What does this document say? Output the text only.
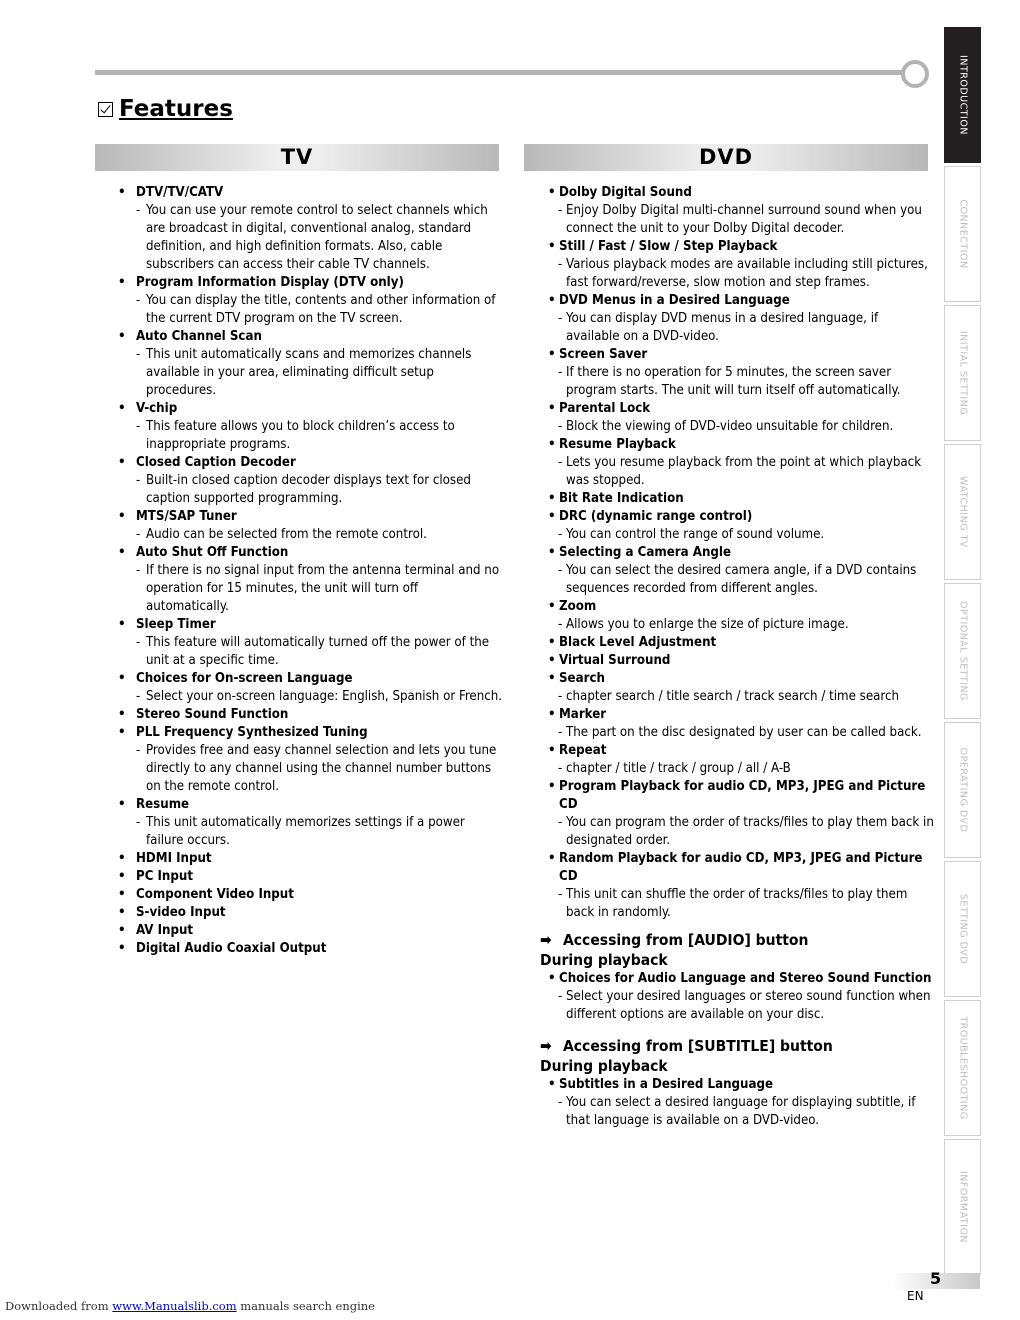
Features
TV	DVD
• DTV/TV/CATV
- You can use your remote control to select channels which are broadcast in digital, conventional analog, standard definition, and high definition formats. Also, cable subscribers can access their cable TV channels.
• Program Information Display (DTV only)
- You can display the title, contents and other information of the current DTV program on the TV screen.
• Auto Channel Scan
- This unit automatically scans and memorizes channels available in your area, eliminating difficult setup procedures.
• V-chip
- This feature allows you to block children’s access to inappropriate programs.
• Closed Caption Decoder
- Built-in closed caption decoder displays text for closed caption supported programming.
• MTS/SAP Tuner
- Audio can be selected from the remote control.
• Auto Shut Off Function
- If there is no signal input from the antenna terminal and no operation for 15 minutes, the unit will turn off automatically.
• Sleep Timer
- This feature will automatically turned off the power of the unit at a specific time.
• Choices for On-screen Language
- Select your on-screen language: English, Spanish or French.
• Stereo Sound Function
• PLL Frequency Synthesized Tuning
- Provides free and easy channel selection and lets you tune directly to any channel using the channel number buttons on the remote control.
• Resume
- This unit automatically memorizes settings if a power failure occurs.
• HDMI Input
• PC Input
• Component Video Input
• S-video Input
• AV Input
• Digital Audio Coaxial Output
• Dolby Digital Sound
- Enjoy Dolby Digital multi-channel surround sound when you connect the unit to your Dolby Digital decoder.
• Still / Fast / Slow / Step Playback
- Various playback modes are available including still pictures, fast forward/reverse, slow motion and step frames.
• DVD Menus in a Desired Language
- You can display DVD menus in a desired language, if available on a DVD-video.
• Screen Saver
- If there is no operation for 5 minutes, the screen saver program starts. The unit will turn itself off automatically.
• Parental Lock
- Block the viewing of DVD-video unsuitable for children.
• Resume Playback
- Lets you resume playback from the point at which playback was stopped.
• Bit Rate Indication
• DRC (dynamic range control)
- You can control the range of sound volume.
• Selecting a Camera Angle
- You can select the desired camera angle, if a DVD contains sequences recorded from different angles.
• Zoom
- Allows you to enlarge the size of picture image.
• Black Level Adjustment
• Virtual Surround
• Search
- chapter search / title search / track search / time search
• Marker
- The part on the disc designated by user can be called back.
• Repeat
- chapter / title / track / group / all / A-B
• Program Playback for audio CD, MP3, JPEG and Picture CD
- You can program the order of tracks/files to play them back in designated order.
• Random Playback for audio CD, MP3, JPEG and Picture CD
- This unit can shuffle the order of tracks/files to play them back in randomly.
➡ Accessing from [AUDIO] button
During playback
• Choices for Audio Language and Stereo Sound Function
- Select your desired languages or stereo sound function when different options are available on your disc.
➡ Accessing from [SUBTITLE] button
During playback
• Subtitles in a Desired Language
- You can select a desired language for displaying subtitle, if that language is available on a DVD-video.
INTRODUCTION
CONNECTION
INITIAL SETTING
WATCHING TV
OPTIONAL SETTING
OPERATING DVD
SETTING DVD
TROUBLESHOOTING
INFORMATION
5
EN
Downloaded from www.Manualslib.com manuals search engine
